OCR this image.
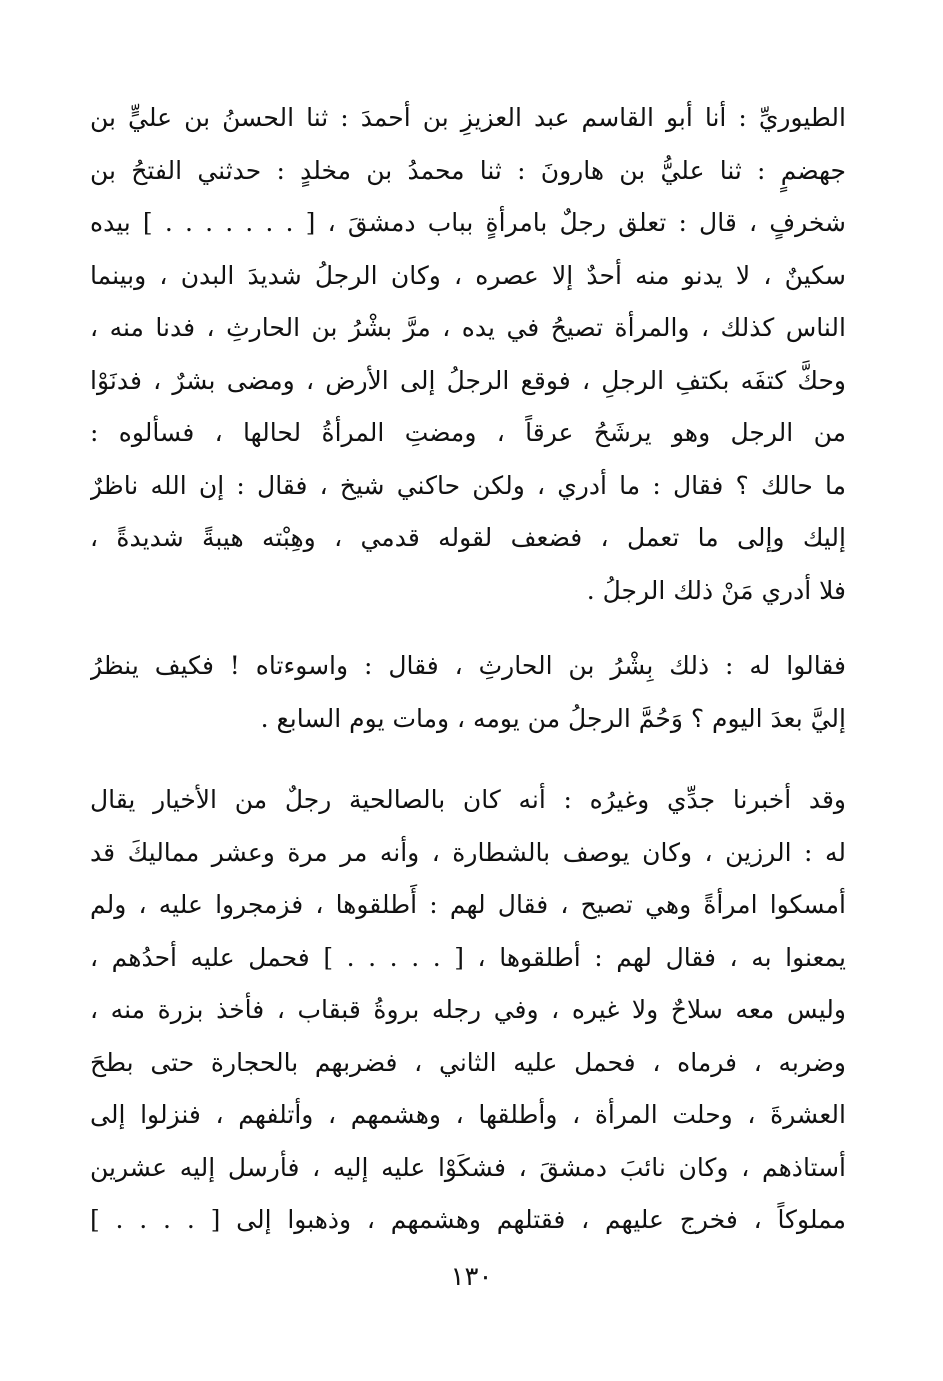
الطيوريِّ : أنا أبو القاسم عبد العزيزِ بن أحمدَ : ثنا الحسنُ بن عليٍّ بن
جهضمٍ : ثنا عليُّ بن هارونَ : ثنا محمدُ بن مخلدٍ : حدثني الفتحُ بن
شخرفٍ ، قال : تعلق رجلٌ بامرأةٍ بباب دمشقَ ، [ . . . . . . . ] بيده
سكينٌ ، لا يدنو منه أحدٌ إلا عصره ، وكان الرجلُ شديدَ البدن ، وبينما
الناس كذلك ، والمرأة تصيحُ في يده ، مرَّ بشْرُ بن الحارثِ ، فدنا منه ،
وحكَّ كتفَه بكتفِ الرجلِ ، فوقع الرجلُ إلى الأرض ، ومضى بشرٌ ، فدنَوْا
من الرجل وهو يرشَحُ عرقاً ، ومضتِ المرأةُ لحالها ، فسألوه :
ما حالك ؟ فقال : ما أدري ، ولكن حاكني شيخ ، فقال : إن الله ناظرٌ
إليك وإلى ما تعمل ، فضعف لقوله قدمي ، وهِبْته هيبةً شديدةً ،
فلا أدري مَنْ ذلك الرجلُ .
فقالوا له : ذلك بِشْرُ بن الحارثِ ، فقال : واسوءتاه ! فكيف ينظرُ
إليَّ بعدَ اليوم ؟ وَحُمَّ الرجلُ من يومه ، ومات يوم السابع .
وقد أخبرنا جدِّي وغيرُه : أنه كان بالصالحية رجلٌ من الأخيار يقال
له : الرزين ، وكان يوصف بالشطارة ، وأنه مر مرة وعشر مماليكَ قد
أمسكوا امرأةً وهي تصيح ، فقال لهم : أَطلقوها ، فزمجروا عليه ، ولم
يمعنوا به ، فقال لهم : أطلقوها ، [ . . . . . ] فحمل عليه أحدُهم ،
وليس معه سلاحٌ ولا غيره ، وفي رجله بروةُ قبقاب ، فأخذ بزرة منه ،
وضربه ، فرماه ، فحمل عليه الثاني ، فضربهم بالحجارة حتى بطحَ
العشرةَ ، وحلت المرأة ، وأطلقها ، وهشمهم ، وأتلفهم ، فنزلوا إلى
أستاذهم ، وكان نائبَ دمشقَ ، فشكَوْا عليه إليه ، فأرسل إليه عشرين
مملوكاً ، فخرج عليهم ، فقتلهم وهشمهم ، وذهبوا إلى [ . . . . ]
١٣٠
